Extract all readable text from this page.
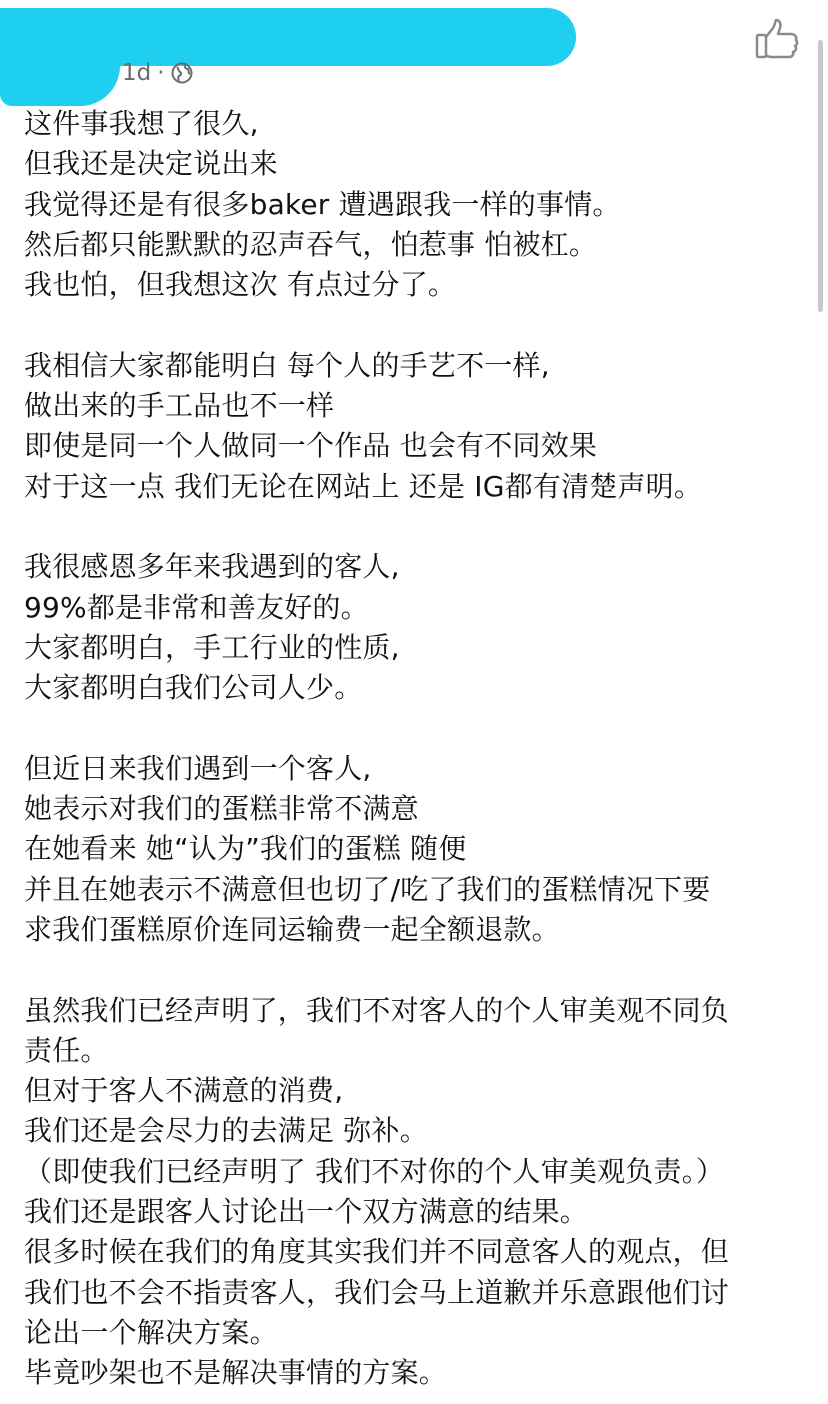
1d ·
这件事我想了很久,
但我还是决定说出来
我觉得还是有很多baker 遭遇跟我一样的事情。
然后都只能默默的忍声吞气，怕惹事 怕被杠。
我也怕，但我想这次 有点过分了。
我相信大家都能明白 每个人的手艺不一样,
做出来的手工品也不一样
即使是同一个人做同一个作品 也会有不同效果
对于这一点 我们无论在网站上 还是 IG都有清楚声明。
我很感恩多年来我遇到的客人,
99%都是非常和善友好的。
大家都明白，手工行业的性质,
大家都明白我们公司人少。
但近日来我们遇到一个客人,
她表示对我们的蛋糕非常不满意
在她看来 她“认为”我们的蛋糕 随便
并且在她表示不满意但也切了/吃了我们的蛋糕情况下要
求我们蛋糕原价连同运输费一起全额退款。
虽然我们已经声明了，我们不对客人的个人审美观不同负
责任。
但对于客人不满意的消费,
我们还是会尽力的去满足 弥补。
（即使我们已经声明了 我们不对你的个人审美观负责。）
我们还是跟客人讨论出一个双方满意的结果。
很多时候在我们的角度其实我们并不同意客人的观点，但
我们也不会不指责客人，我们会马上道歉并乐意跟他们讨
论出一个解决方案。
毕竟吵架也不是解决事情的方案。
